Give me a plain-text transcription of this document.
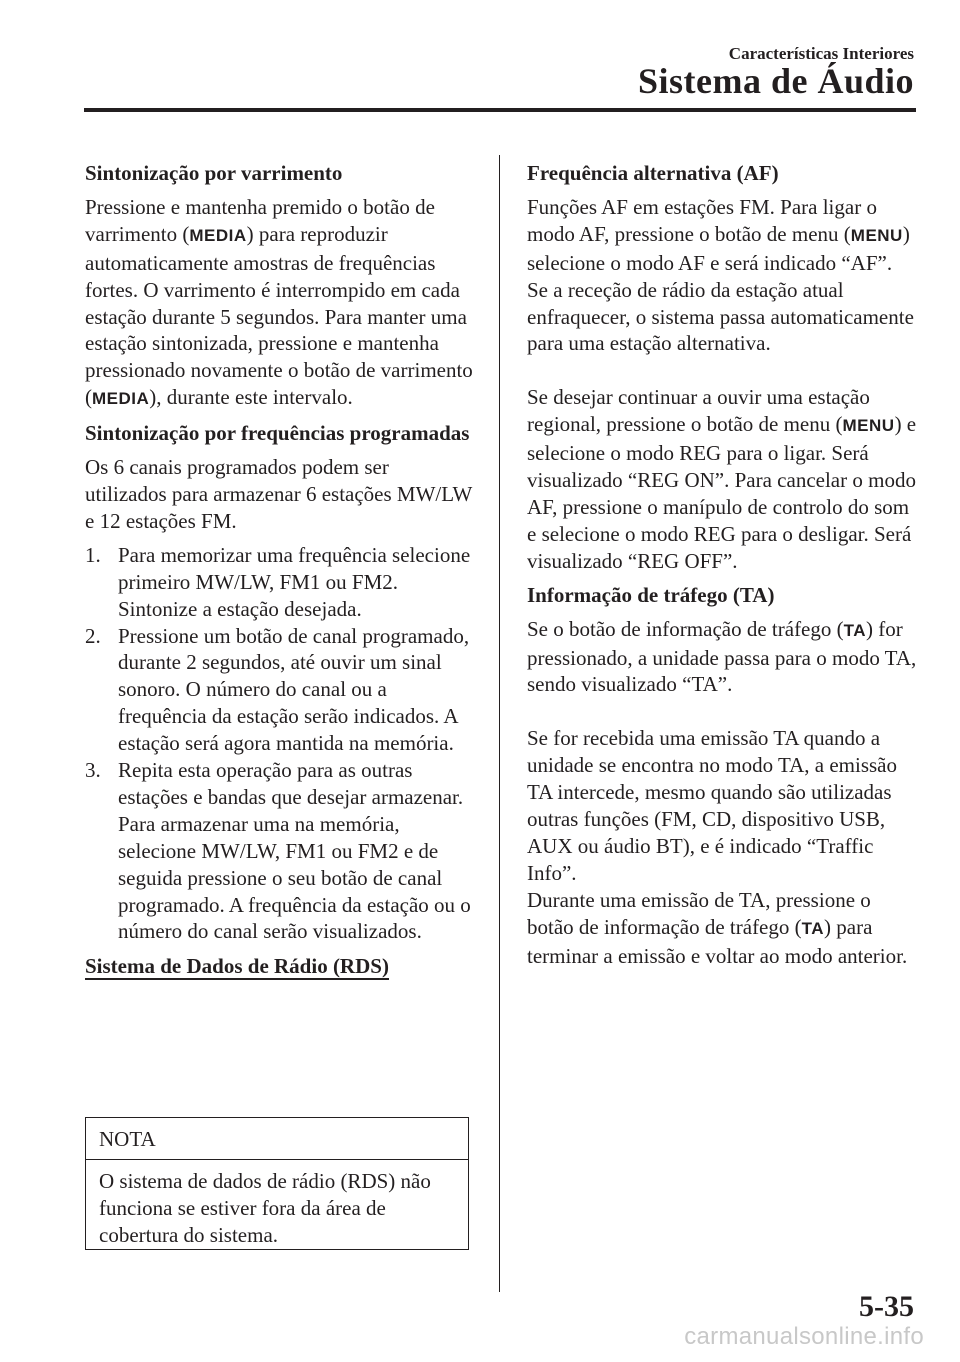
Características Interiores
Sistema de Áudio
Sintonização por varrimento

Pressione e mantenha premido o botão de varrimento (MEDIA) para reproduzir automaticamente amostras de frequências fortes. O varrimento é interrompido em cada estação durante 5 segundos. Para manter uma estação sintonizada, pressione e mantenha pressionado novamente o botão de varrimento (MEDIA), durante este intervalo.

Sintonização por frequências programadas

Os 6 canais programados podem ser utilizados para armazenar 6 estações MW/LW e 12 estações FM.

1. Para memorizar uma frequência selecione primeiro MW/LW, FM1 ou FM2. Sintonize a estação desejada.
2. Pressione um botão de canal programado, durante 2 segundos, até ouvir um sinal sonoro. O número do canal ou a frequência da estação serão indicados. A estação será agora mantida na memória.
3. Repita esta operação para as outras estações e bandas que desejar armazenar. Para armazenar uma na memória, selecione MW/LW, FM1 ou FM2 e de seguida pressione o seu botão de canal programado. A frequência da estação ou o número do canal serão visualizados.
Sistema de Dados de Rádio (RDS)
NOTA
O sistema de dados de rádio (RDS) não funciona se estiver fora da área de cobertura do sistema.
Frequência alternativa (AF)

Funções AF em estações FM. Para ligar o modo AF, pressione o botão de menu (MENU) selecione o modo AF e será indicado “AF”. Se a receção de rádio da estação atual enfraquecer, o sistema passa automaticamente para uma estação alternativa.

Se desejar continuar a ouvir uma estação regional, pressione o botão de menu (MENU) e selecione o modo REG para o ligar. Será visualizado “REG ON”. Para cancelar o modo AF, pressione o manípulo de controlo do som e selecione o modo REG para o desligar. Será visualizado “REG OFF”.

Informação de tráfego (TA)

Se o botão de informação de tráfego (TA) for pressionado, a unidade passa para o modo TA, sendo visualizado “TA”.

Se for recebida uma emissão TA quando a unidade se encontra no modo TA, a emissão TA intercede, mesmo quando são utilizadas outras funções (FM, CD, dispositivo USB, AUX ou áudio BT), e é indicado “Traffic Info”.

Durante uma emissão de TA, pressione o botão de informação de tráfego (TA) para terminar a emissão e voltar ao modo anterior.

5-35
carmanualsonline.info
